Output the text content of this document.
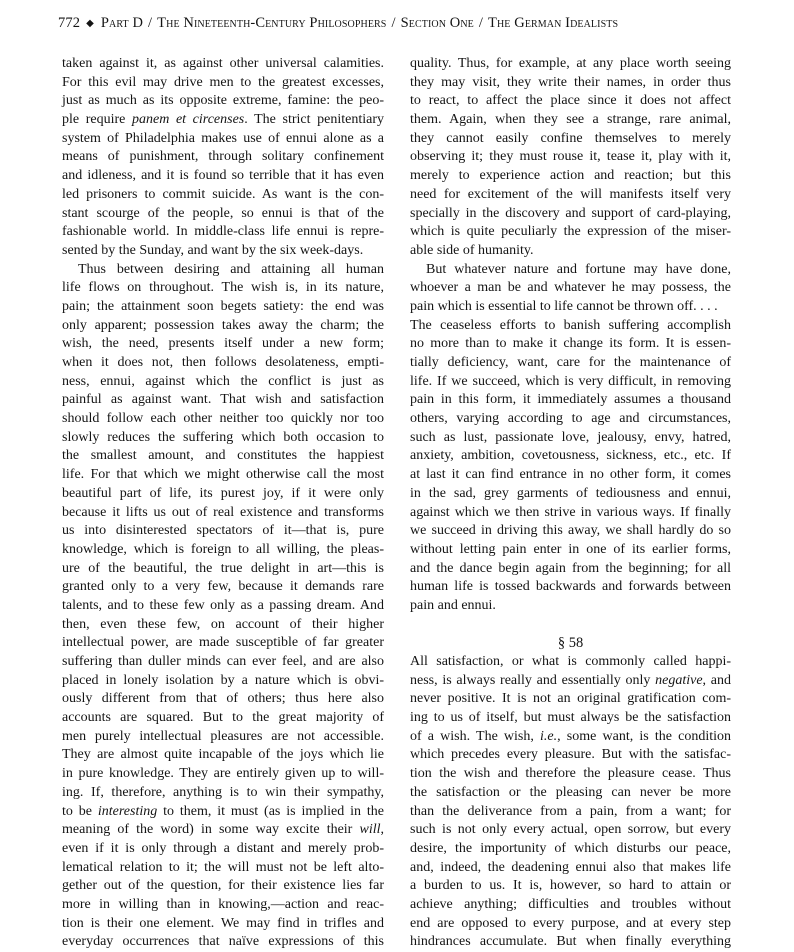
772 ◆ Part D / The Nineteenth-Century Philosophers / Section One / The German Idealists
taken against it, as against other universal calamities.
For this evil may drive men to the greatest excesses,
just as much as its opposite extreme, famine: the peo-
ple require panem et circenses. The strict penitentiary
system of Philadelphia makes use of ennui alone as a
means of punishment, through solitary confinement
and idleness, and it is found so terrible that it has even
led prisoners to commit suicide. As want is the con-
stant scourge of the people, so ennui is that of the
fashionable world. In middle-class life ennui is repre-
sented by the Sunday, and want by the six week-days.
Thus between desiring and attaining all human
life flows on throughout. The wish is, in its nature,
pain; the attainment soon begets satiety: the end was
only apparent; possession takes away the charm; the
wish, the need, presents itself under a new form;
when it does not, then follows desolateness, empti-
ness, ennui, against which the conflict is just as
painful as against want. That wish and satisfaction
should follow each other neither too quickly nor too
slowly reduces the suffering which both occasion to
the smallest amount, and constitutes the happiest
life. For that which we might otherwise call the most
beautiful part of life, its purest joy, if it were only
because it lifts us out of real existence and transforms
us into disinterested spectators of it—that is, pure
knowledge, which is foreign to all willing, the pleas-
ure of the beautiful, the true delight in art—this is
granted only to a very few, because it demands rare
talents, and to these few only as a passing dream. And
then, even these few, on account of their higher
intellectual power, are made susceptible of far greater
suffering than duller minds can ever feel, and are also
placed in lonely isolation by a nature which is obvi-
ously different from that of others; thus here also
accounts are squared. But to the great majority of
men purely intellectual pleasures are not accessible.
They are almost quite incapable of the joys which lie
in pure knowledge. They are entirely given up to will-
ing. If, therefore, anything is to win their sympathy,
to be interesting to them, it must (as is implied in the
meaning of the word) in some way excite their will,
even if it is only through a distant and merely prob-
lematical relation to it; the will must not be left alto-
gether out of the question, for their existence lies far
more in willing than in knowing,—action and reac-
tion is their one element. We may find in trifles and
everyday occurrences that naïve expressions of this
quality. Thus, for example, at any place worth seeing
they may visit, they write their names, in order thus
to react, to affect the place since it does not affect
them. Again, when they see a strange, rare animal,
they cannot easily confine themselves to merely
observing it; they must rouse it, tease it, play with it,
merely to experience action and reaction; but this
need for excitement of the will manifests itself very
specially in the discovery and support of card-playing,
which is quite peculiarly the expression of the miser-
able side of humanity.
But whatever nature and fortune may have done,
whoever a man be and whatever he may possess, the
pain which is essential to life cannot be thrown off. . . .
The ceaseless efforts to banish suffering accomplish
no more than to make it change its form. It is essen-
tially deficiency, want, care for the maintenance of
life. If we succeed, which is very difficult, in removing
pain in this form, it immediately assumes a thousand
others, varying according to age and circumstances,
such as lust, passionate love, jealousy, envy, hatred,
anxiety, ambition, covetousness, sickness, etc., etc. If
at last it can find entrance in no other form, it comes
in the sad, grey garments of tediousness and ennui,
against which we then strive in various ways. If finally
we succeed in driving this away, we shall hardly do so
without letting pain enter in one of its earlier forms,
and the dance begin again from the beginning; for all
human life is tossed backwards and forwards between
pain and ennui.
§ 58
All satisfaction, or what is commonly called happi-
ness, is always really and essentially only negative, and
never positive. It is not an original gratification com-
ing to us of itself, but must always be the satisfaction
of a wish. The wish, i.e., some want, is the condition
which precedes every pleasure. But with the satisfac-
tion the wish and therefore the pleasure cease. Thus
the satisfaction or the pleasing can never be more
than the deliverance from a pain, from a want; for
such is not only every actual, open sorrow, but every
desire, the importunity of which disturbs our peace,
and, indeed, the deadening ennui also that makes life
a burden to us. It is, however, so hard to attain or
achieve anything; difficulties and troubles without
end are opposed to every purpose, and at every step
hindrances accumulate. But when finally everything
